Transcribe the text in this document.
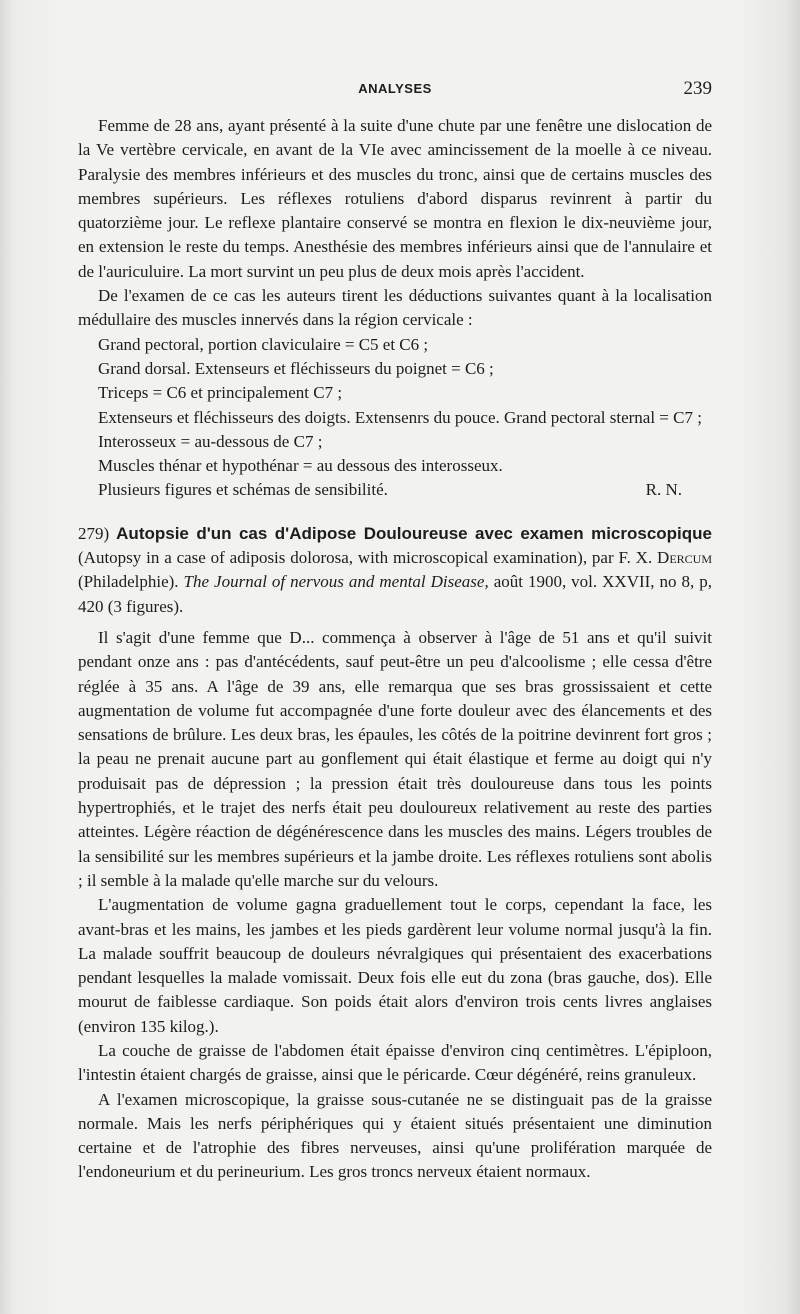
ANALYSES	239

Femme de 28 ans, ayant présenté à la suite d'une chute par une fenêtre une dislocation de la Ve vertèbre cervicale, en avant de la VIe avec amincissement de la moelle à ce niveau. Paralysie des membres inférieurs et des muscles du tronc, ainsi que de certains muscles des membres supérieurs. Les réflexes rotuliens d'abord disparus revinrent à partir du quatorzième jour. Le reflexe plantaire conservé se montra en flexion le dix-neuvième jour, en extension le reste du temps. Anesthésie des membres inférieurs ainsi que de l'annulaire et de l'auriculuire. La mort survint un peu plus de deux mois après l'accident.

De l'examen de ce cas les auteurs tirent les déductions suivantes quant à la localisation médullaire des muscles innervés dans la région cervicale :

Grand pectoral, portion claviculaire = C5 et C6 ;

Grand dorsal. Extenseurs et fléchisseurs du poignet = C6 ;

Triceps = C6 et principalement C7 ;

Extenseurs et fléchisseurs des doigts. Extensenrs du pouce. Grand pectoral sternal = C7 ;

Interosseux = au-dessous de C7 ;

Muscles thénar et hypothénar = au dessous des interosseux.

Plusieurs figures et schémas de sensibilité.	R. N.

279) Autopsie d'un cas d'Adipose Douloureuse avec examen microscopique (Autopsy in a case of adiposis dolorosa, with microscopical examination), par F. X. Dercum (Philadelphie). The Journal of nervous and mental Disease, août 1900, vol. XXVII, no 8, p, 420 (3 figures).

Il s'agit d'une femme que D... commença à observer à l'âge de 51 ans et qu'il suivit pendant onze ans : pas d'antécédents, sauf peut-être un peu d'alcoolisme ; elle cessa d'être réglée à 35 ans. A l'âge de 39 ans, elle remarqua que ses bras grossissaient et cette augmentation de volume fut accompagnée d'une forte douleur avec des élancements et des sensations de brûlure. Les deux bras, les épaules, les côtés de la poitrine devinrent fort gros ; la peau ne prenait aucune part au gonflement qui était élastique et ferme au doigt qui n'y produisait pas de dépression ; la pression était très douloureuse dans tous les points hypertrophiés, et le trajet des nerfs était peu douloureux relativement au reste des parties atteintes. Légère réaction de dégénérescence dans les muscles des mains. Légers troubles de la sensibilité sur les membres supérieurs et la jambe droite. Les réflexes rotuliens sont abolis ; il semble à la malade qu'elle marche sur du velours.

L'augmentation de volume gagna graduellement tout le corps, cependant la face, les avant-bras et les mains, les jambes et les pieds gardèrent leur volume normal jusqu'à la fin. La malade souffrit beaucoup de douleurs névralgiques qui présentaient des exacerbations pendant lesquelles la malade vomissait. Deux fois elle eut du zona (bras gauche, dos). Elle mourut de faiblesse cardiaque. Son poids était alors d'environ trois cents livres anglaises (environ 135 kilog.).

La couche de graisse de l'abdomen était épaisse d'environ cinq centimètres. L'épiploon, l'intestin étaient chargés de graisse, ainsi que le péricarde. Cœur dégénéré, reins granuleux.

A l'examen microscopique, la graisse sous-cutanée ne se distinguait pas de la graisse normale. Mais les nerfs périphériques qui y étaient situés présentaient une diminution certaine et de l'atrophie des fibres nerveuses, ainsi qu'une prolifération marquée de l'endoneurium et du perineurium. Les gros troncs nerveux étaient normaux.
